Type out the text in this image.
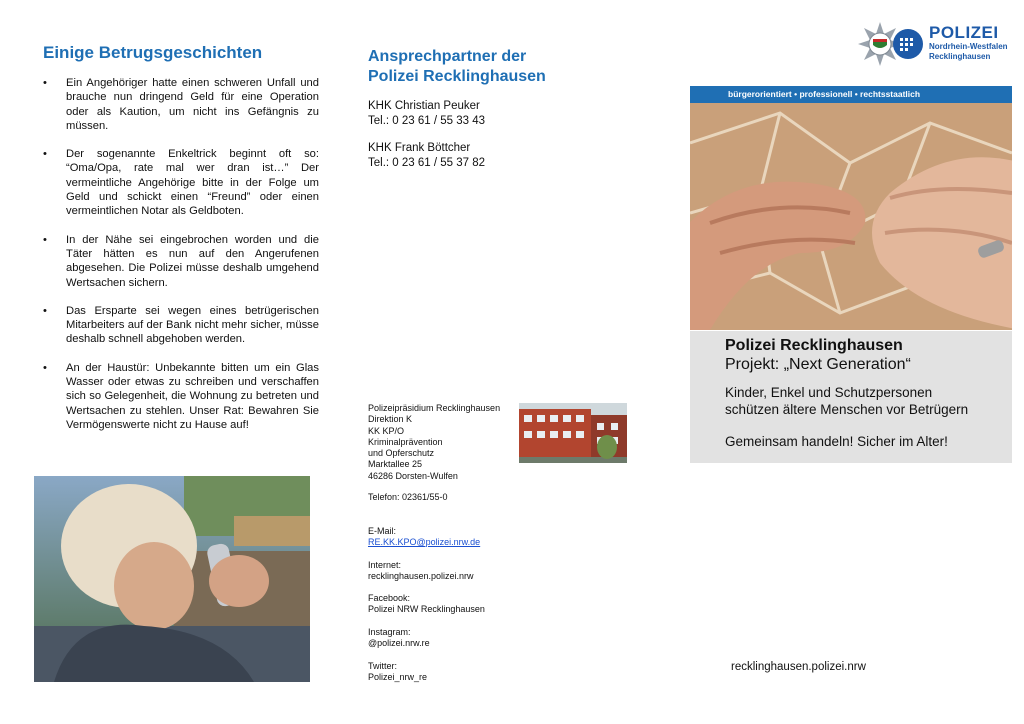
Einige Betrugsgeschichten
• Ein Angehöriger hatte einen schweren Unfall und brauche nun dringend Geld für eine Operation oder als Kaution, um nicht ins Gefängnis zu müssen.
• Der sogenannte Enkeltrick beginnt oft so: “Oma/Opa, rate mal wer dran ist…” Der vermeintliche Angehörige bitte in der Folge um Geld und schickt einen “Freund” oder einen vermeintlichen Notar als Geldboten.
• In der Nähe sei eingebrochen worden und die Täter hätten es nun auf den Angerufenen abgesehen. Die Polizei müsse deshalb umgehend Wertsachen sichern.
• Das Ersparte sei wegen eines betrügerischen Mitarbeiters auf der Bank nicht mehr sicher, müsse deshalb schnell abgehoben werden.
• An der Haustür: Unbekannte bitten um ein Glas Wasser oder etwas zu schreiben und verschaffen sich so Gelegenheit, die Wohnung zu betreten und Wertsachen zu stehlen. Unser Rat: Bewahren Sie Vermögenswerte nicht zu Hause auf!
Ansprechpartner der
Polizei Recklinghausen
KHK Christian Peuker
Tel.: 0 23 61 / 55 33 43
KHK Frank Böttcher
Tel.: 0 23 61 / 55 37 82
Polizeipräsidium Recklinghausen
Direktion K
KK KP/O
Kriminalprävention
und Opferschutz
Marktallee 25
46286 Dorsten-Wulfen
Telefon: 02361/55-0
E-Mail:
RE.KK.KPO@polizei.nrw.de
Internet:
recklinghausen.polizei.nrw
Facebook:
Polizei NRW Recklinghausen
Instagram:
@polizei.nrw.re
Twitter:
Polizei_nrw_re
POLIZEI
Nordrhein-Westfalen
Recklinghausen
bürgerorientiert • professionell • rechtsstaatlich
Polizei Recklinghausen
Projekt: „Next Generation“
Kinder, Enkel und Schutzpersonen
schützen ältere Menschen vor Betrügern
Gemeinsam handeln! Sicher im Alter!
recklinghausen.polizei.nrw
